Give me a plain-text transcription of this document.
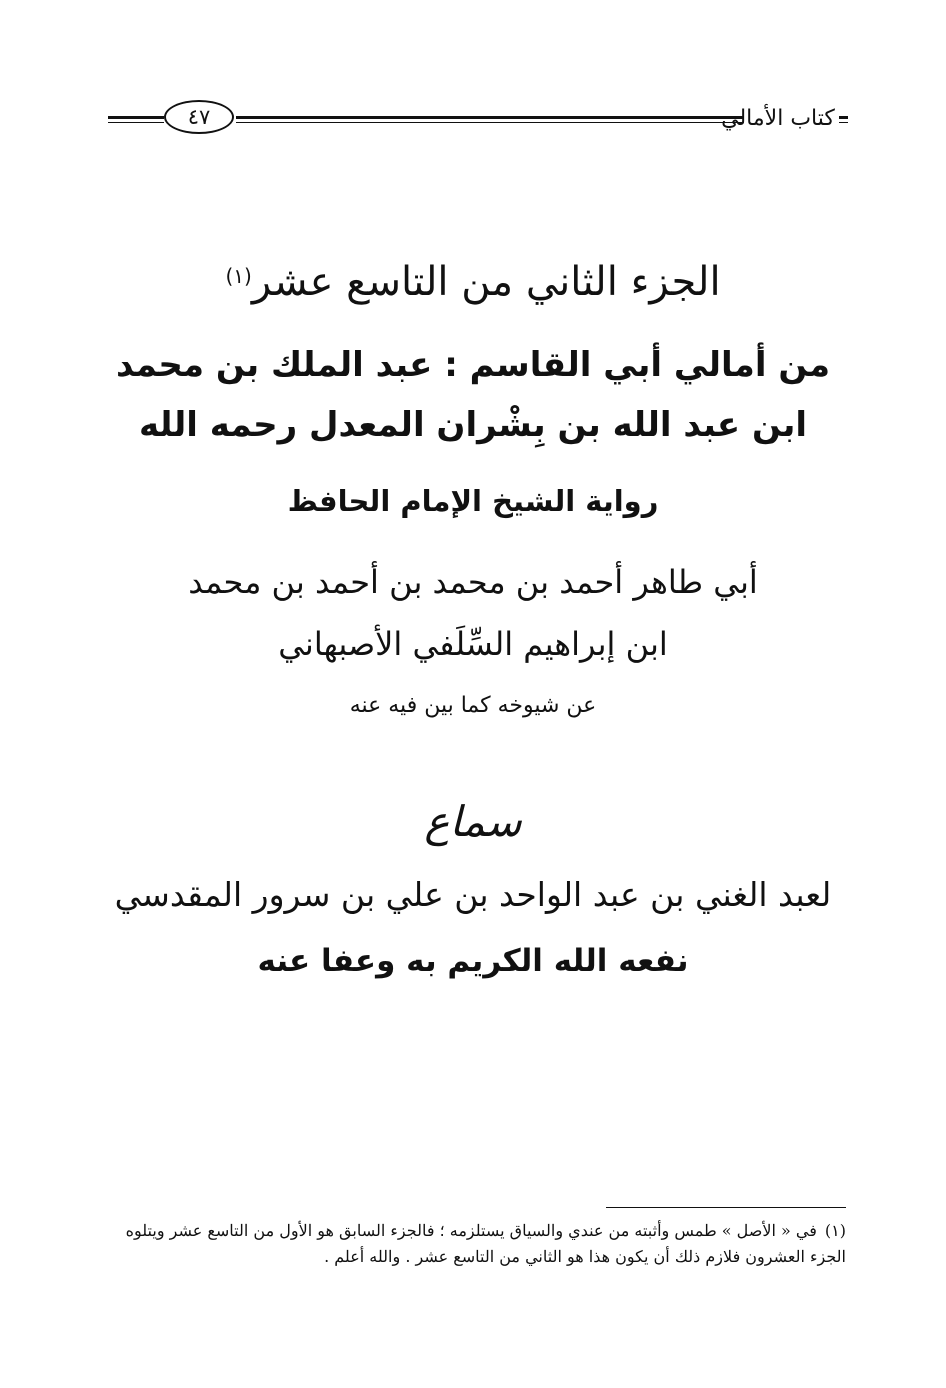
كتاب الأمالي
٤٧
الجزء الثاني من التاسع عشر$^{(١)}$
من أمالي أبي القاسم : عبد الملك بن محمد
ابن عبد الله بن بِشْران المعدل رحمه الله
رواية الشيخ الإمام الحافظ
أبي طاهر أحمد بن محمد بن أحمد بن محمد
ابن إبراهيم السِّلَفي الأصبهاني
عن شيوخه كما بين فيه عنه
سماع
لعبد الغني بن عبد الواحد بن علي بن سرور المقدسي
نفعه الله الكريم به وعفا عنه
(١)في « الأصل » طمس وأثبته من عندي والسياق يستلزمه ؛ فالجزء السابق هو الأول من التاسع عشر ويتلوه الجزء العشرون فلازم ذلك أن يكون هذا هو الثاني من التاسع عشر . والله أعلم .
